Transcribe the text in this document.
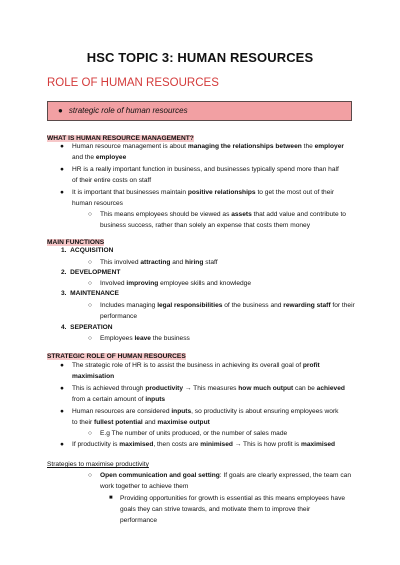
HSC TOPIC 3: HUMAN RESOURCES
ROLE OF HUMAN RESOURCES
● strategic role of human resources
WHAT IS HUMAN RESOURCE MANAGEMENT?
● Human resource management is about managing the relationships between the employer
and the employee
● HR is a really important function in business, and businesses typically spend more than half
of their entire costs on staff
● It is important that businesses maintain positive relationships to get the most out of their
human resources
○ This means employees should be viewed as assets that add value and contribute to
business success, rather than solely an expense that costs them money
MAIN FUNCTIONS
1.  ACQUISITION
○ This involved attracting and hiring staff
2.  DEVELOPMENT
○ Involved improving employee skills and knowledge
3.  MAINTENANCE
○ Includes managing legal responsibilities of the business and rewarding staff for their
performance
4.  SEPERATION
○ Employees leave the business
STRATEGIC ROLE OF HUMAN RESOURCES
● The strategic role of HR is to assist the business in achieving its overall goal of profit
maximisation
● This is achieved through productivity → This measures how much output can be achieved
from a certain amount of inputs
● Human resources are considered inputs, so productivity is about ensuring employees work
to their fullest potential and maximise output
○ E.g The number of units produced, or the number of sales made
● If productivity is maximised, then costs are minimised → This is how profit is maximised
Strategies to maximise productivity
○ Open communication and goal setting: If goals are clearly expressed, the team can
work together to achieve them
■ Providing opportunities for growth is essential as this means employees have
goals they can strive towards, and motivate them to improve their
performance
